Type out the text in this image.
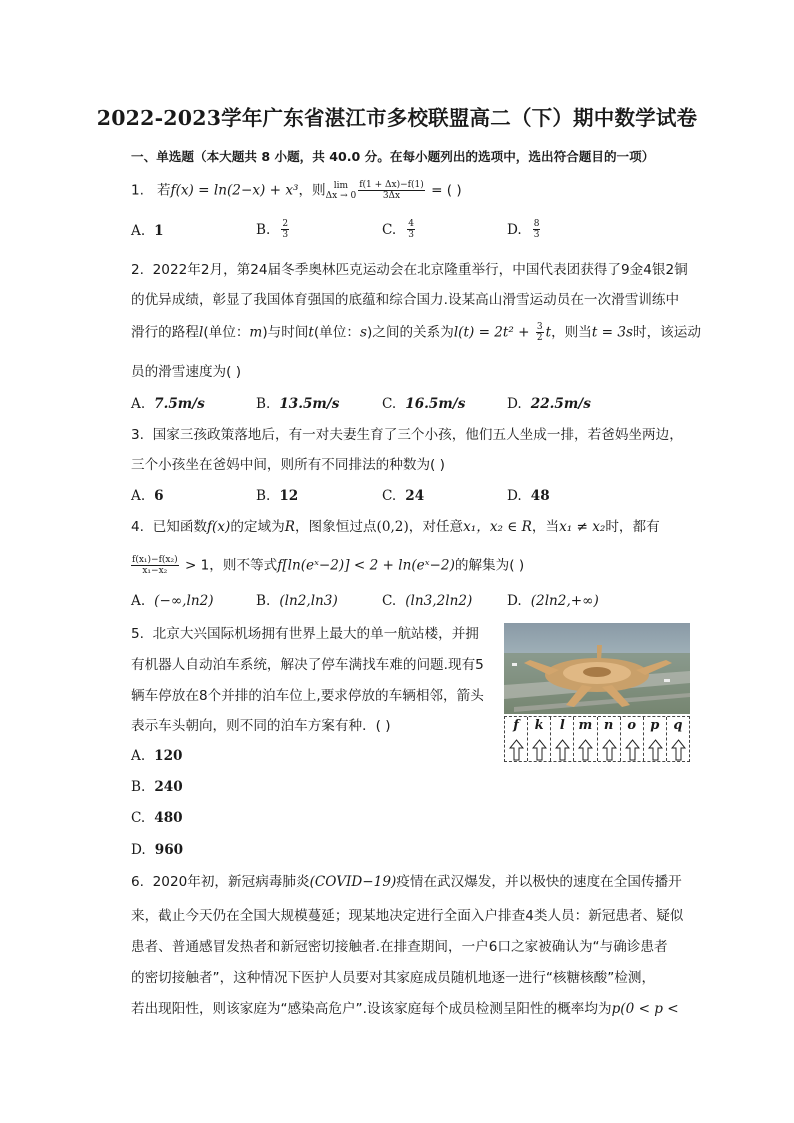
2022-2023学年广东省湛江市多校联盟高二（下）期中数学试卷
一、单选题（本大题共 8 小题，共 40.0 分。在每小题列出的选项中，选出符合题目的一项）
1. 若f(x) = ln(2−x) + x³，则 lim
$\Delta x \to 0 \frac{f(1 + \Delta x)-f(1)}{3\Delta x}$ = ( )
A. 1	B. $\frac{2}{3}$	C. $\frac{4}{3}$	D. $\frac{8}{3}$
2. 2022年2月，第24届冬季奥林匹克运动会在北京隆重举行，中国代表团获得了9金4银2铜
的优异成绩，彰显了我国体育强国的底蕴和综合国力.设某高山滑雪运动员在一次滑雪训练中
滑行的路程l(单位：m)与时间t(单位：s)之间的关系为$l(t) = 2t^2 + \frac{3}{2}$ t，则当t = 3s时，该运动
员的滑雪速度为( )
A. 7.5m/s	B. 13.5m/s	C. 16.5m/s	D. 22.5m/s
3. 国家三孩政策落地后，有一对夫妻生育了三个小孩，他们五人坐成一排，若爸妈坐两边，
三个小孩坐在爸妈中间，则所有不同排法的种数为( )
A. 6	B. 12	C. 24	D. 48
4. 已知函数f(x)的定域为R，图象恒过点(0,2)，对任意x₁，x₂ ∈ R，当x₁ ≠ x₂时，都有
$\frac{\text{f(x₁)−f(x₂)}}{\text{x₁−x₂}} > 1$，则不等式f[ln(eˣ−2)] < 2 + ln(eˣ−2)的解集为( )
A. (−∞,ln2)	B. (ln2,ln3)	C. (ln3,2ln2)	D. (2ln2,+∞)
5. 北京大兴国际机场拥有世界上最大的单一航站楼，并拥
有机器人自动泊车系统，解决了停车满找车难的问题.现有5
辆车停放在8个并排的泊车位上,要求停放的车辆相邻，箭头
表示车头朝向，则不同的泊车方案有种．( )	f	k	l	m n	o	p	q
A. 120
B. 240
C. 480
D. 960
6. 2020年初，新冠病毒肺炎(COVID−19)疫情在武汉爆发，并以极快的速度在全国传播开
来，截止今天仍在全国大规模蔓延；现某地决定进行全面入户排查4类人员：新冠患者、疑似
患者、普通感冒发热者和新冠密切接触者.在排查期间，一户6口之家被确认为“与确诊患者
的密切接触者”，这种情况下医护人员要对其家庭成员随机地逐一进行“核糖核酸”检测，
若出现阳性，则该家庭为“感染高危户”.设该家庭每个成员检测呈阳性的概率均为p(0 < p <
